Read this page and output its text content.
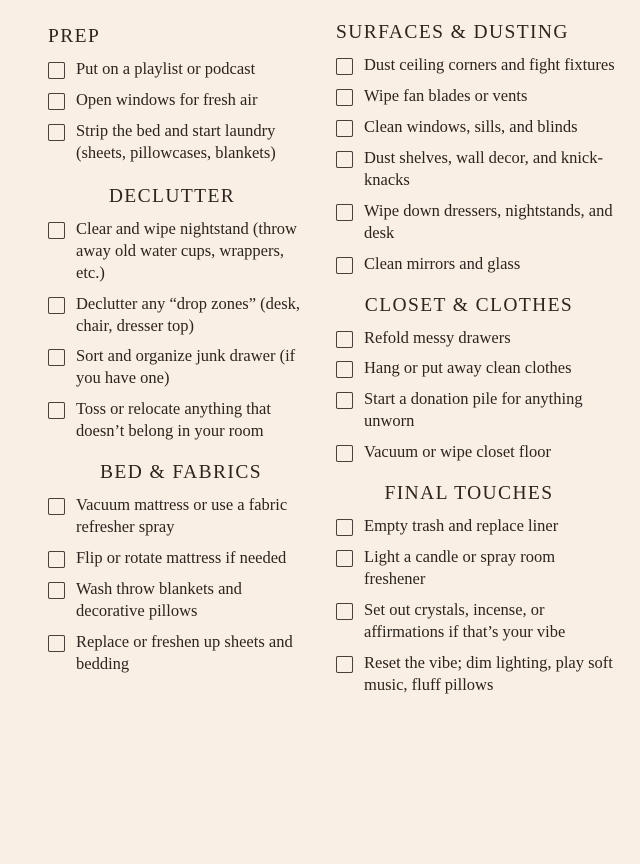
PREP
Put on a playlist or podcast
Open windows for fresh air
Strip the bed and start laundry (sheets, pillowcases, blankets)
DECLUTTER
Clear and wipe nightstand (throw away old water cups, wrappers, etc.)
Declutter any “drop zones” (desk, chair, dresser top)
Sort and organize junk drawer (if you have one)
Toss or relocate anything that doesn’t belong in your room
BED & FABRICS
Vacuum mattress or use a fabric refresher spray
Flip or rotate mattress if needed
Wash throw blankets and decorative pillows
Replace or freshen up sheets and bedding
SURFACES & DUSTING
Dust ceiling corners and fight fixtures
Wipe fan blades or vents
Clean windows, sills, and blinds
Dust shelves, wall decor, and knick-knacks
Wipe down dressers, nightstands, and desk
Clean mirrors and glass
CLOSET & CLOTHES
Refold messy drawers
Hang or put away clean clothes
Start a donation pile for anything unworn
Vacuum or wipe closet floor
FINAL TOUCHES
Empty trash and replace liner
Light a candle or spray room freshener
Set out crystals, incense, or affirmations if that’s your vibe
Reset the vibe; dim lighting, play soft music, fluff pillows
